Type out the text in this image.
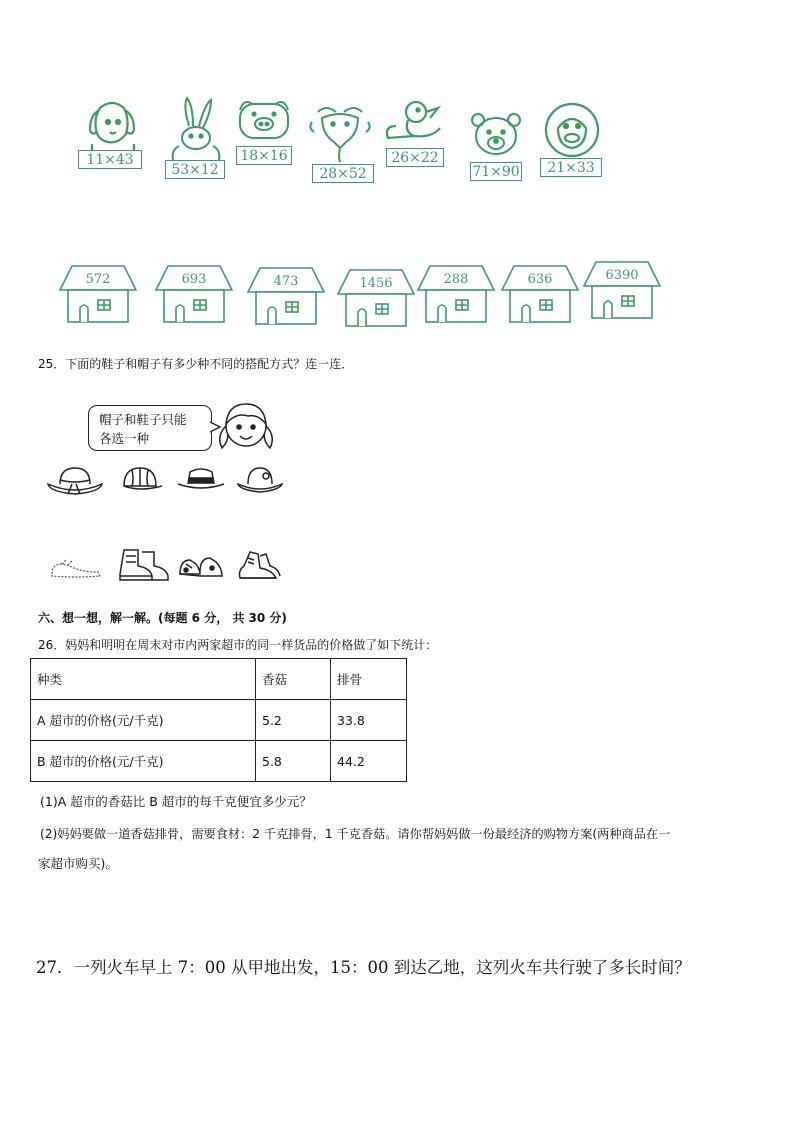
11×43
53×12
18×16
28×52
26×22
71×90	21×33
572	693	473	1456	288	636	6390
25．下面的鞋子和帽子有多少种不同的搭配方式？连一连．
帽子和鞋子只能
各选一种
六、想一想，解一解。(每题 6 分， 共 30 分)
26．妈妈和明明在周末对市内两家超市的同一样货品的价格做了如下统计：
种类	香菇	排骨
A 超市的价格(元/千克)	5.2	33.8
B 超市的价格(元/千克)	5.8	44.2
(1)A 超市的香菇比 B 超市的每千克便宜多少元？
(2)妈妈要做一道香菇排骨，需要食材：2 千克排骨，1 千克香菇。请你帮妈妈做一份最经济的购物方案(两种商品在一
家超市购买)。
27．一列火车早上 7：00 从甲地出发，15：00 到达乙地，这列火车共行驶了多长时间？
